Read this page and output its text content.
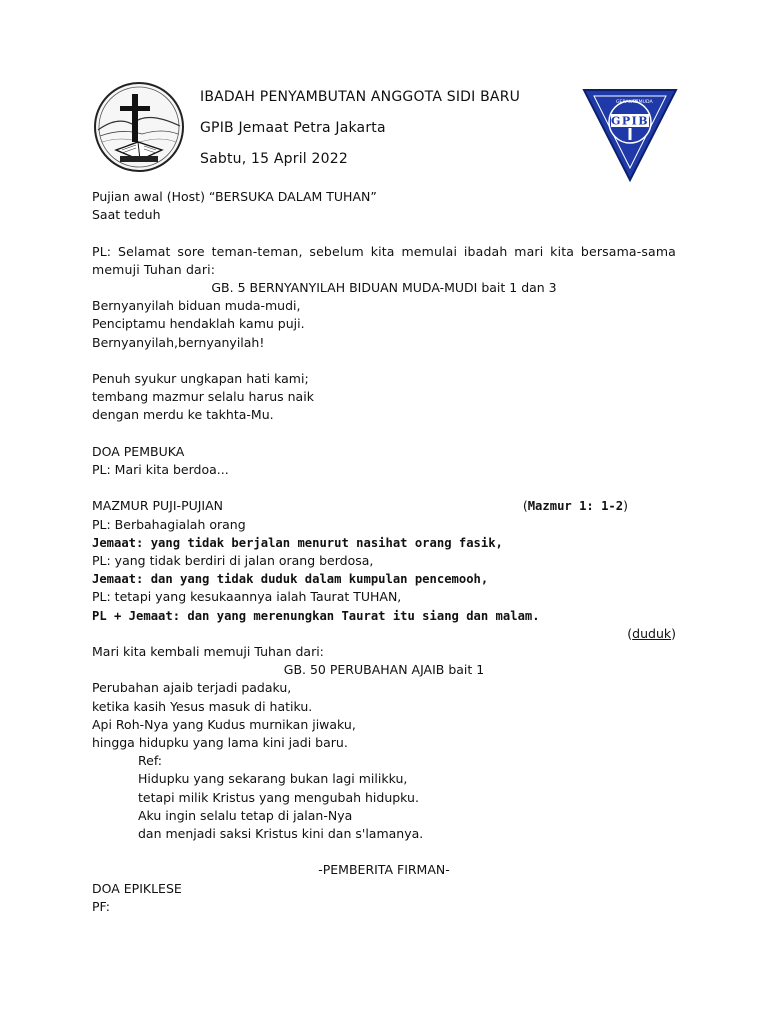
IBADAH PENYAMBUTAN ANGGOTA SIDI BARU
GPIB Jemaat Petra Jakarta
Sabtu, 15 April 2022
GERAKAN
PEMUDA
GPIB
Pujian awal (Host) “BERSUKA DALAM TUHAN”
Saat teduh
PL: Selamat sore teman-teman, sebelum kita memulai ibadah mari kita bersama-sama memuji Tuhan dari:
GB. 5 BERNYANYILAH BIDUAN MUDA-MUDI bait 1 dan 3
Bernyanyilah biduan muda-mudi,
Penciptamu hendaklah kamu puji.
Bernyanyilah,bernyanyilah!
Penuh syukur ungkapan hati kami;
tembang mazmur selalu harus naik
dengan merdu ke takhta-Mu.
DOA PEMBUKA
PL: Mari kita berdoa...
MAZMUR PUJI-PUJIAN	(Mazmur 1: 1-2)
PL: Berbahagialah orang
Jemaat: yang tidak berjalan menurut nasihat orang fasik,
PL: yang tidak berdiri di jalan orang berdosa,
Jemaat: dan yang tidak duduk dalam kumpulan pencemooh,
PL: tetapi yang kesukaannya ialah Taurat TUHAN,
PL + Jemaat: dan yang merenungkan Taurat itu siang dan malam.
(duduk)
Mari kita kembali memuji Tuhan dari:
GB. 50 PERUBAHAN AJAIB bait 1
Perubahan ajaib terjadi padaku,
ketika kasih Yesus masuk di hatiku.
Api Roh-Nya yang Kudus murnikan jiwaku,
hingga hidupku yang lama kini jadi baru.
Ref:
Hidupku yang sekarang bukan lagi milikku,
tetapi milik Kristus yang mengubah hidupku.
Aku ingin selalu tetap di jalan-Nya
dan menjadi saksi Kristus kini dan s'lamanya.
-PEMBERITA FIRMAN-
DOA EPIKLESE
PF:
